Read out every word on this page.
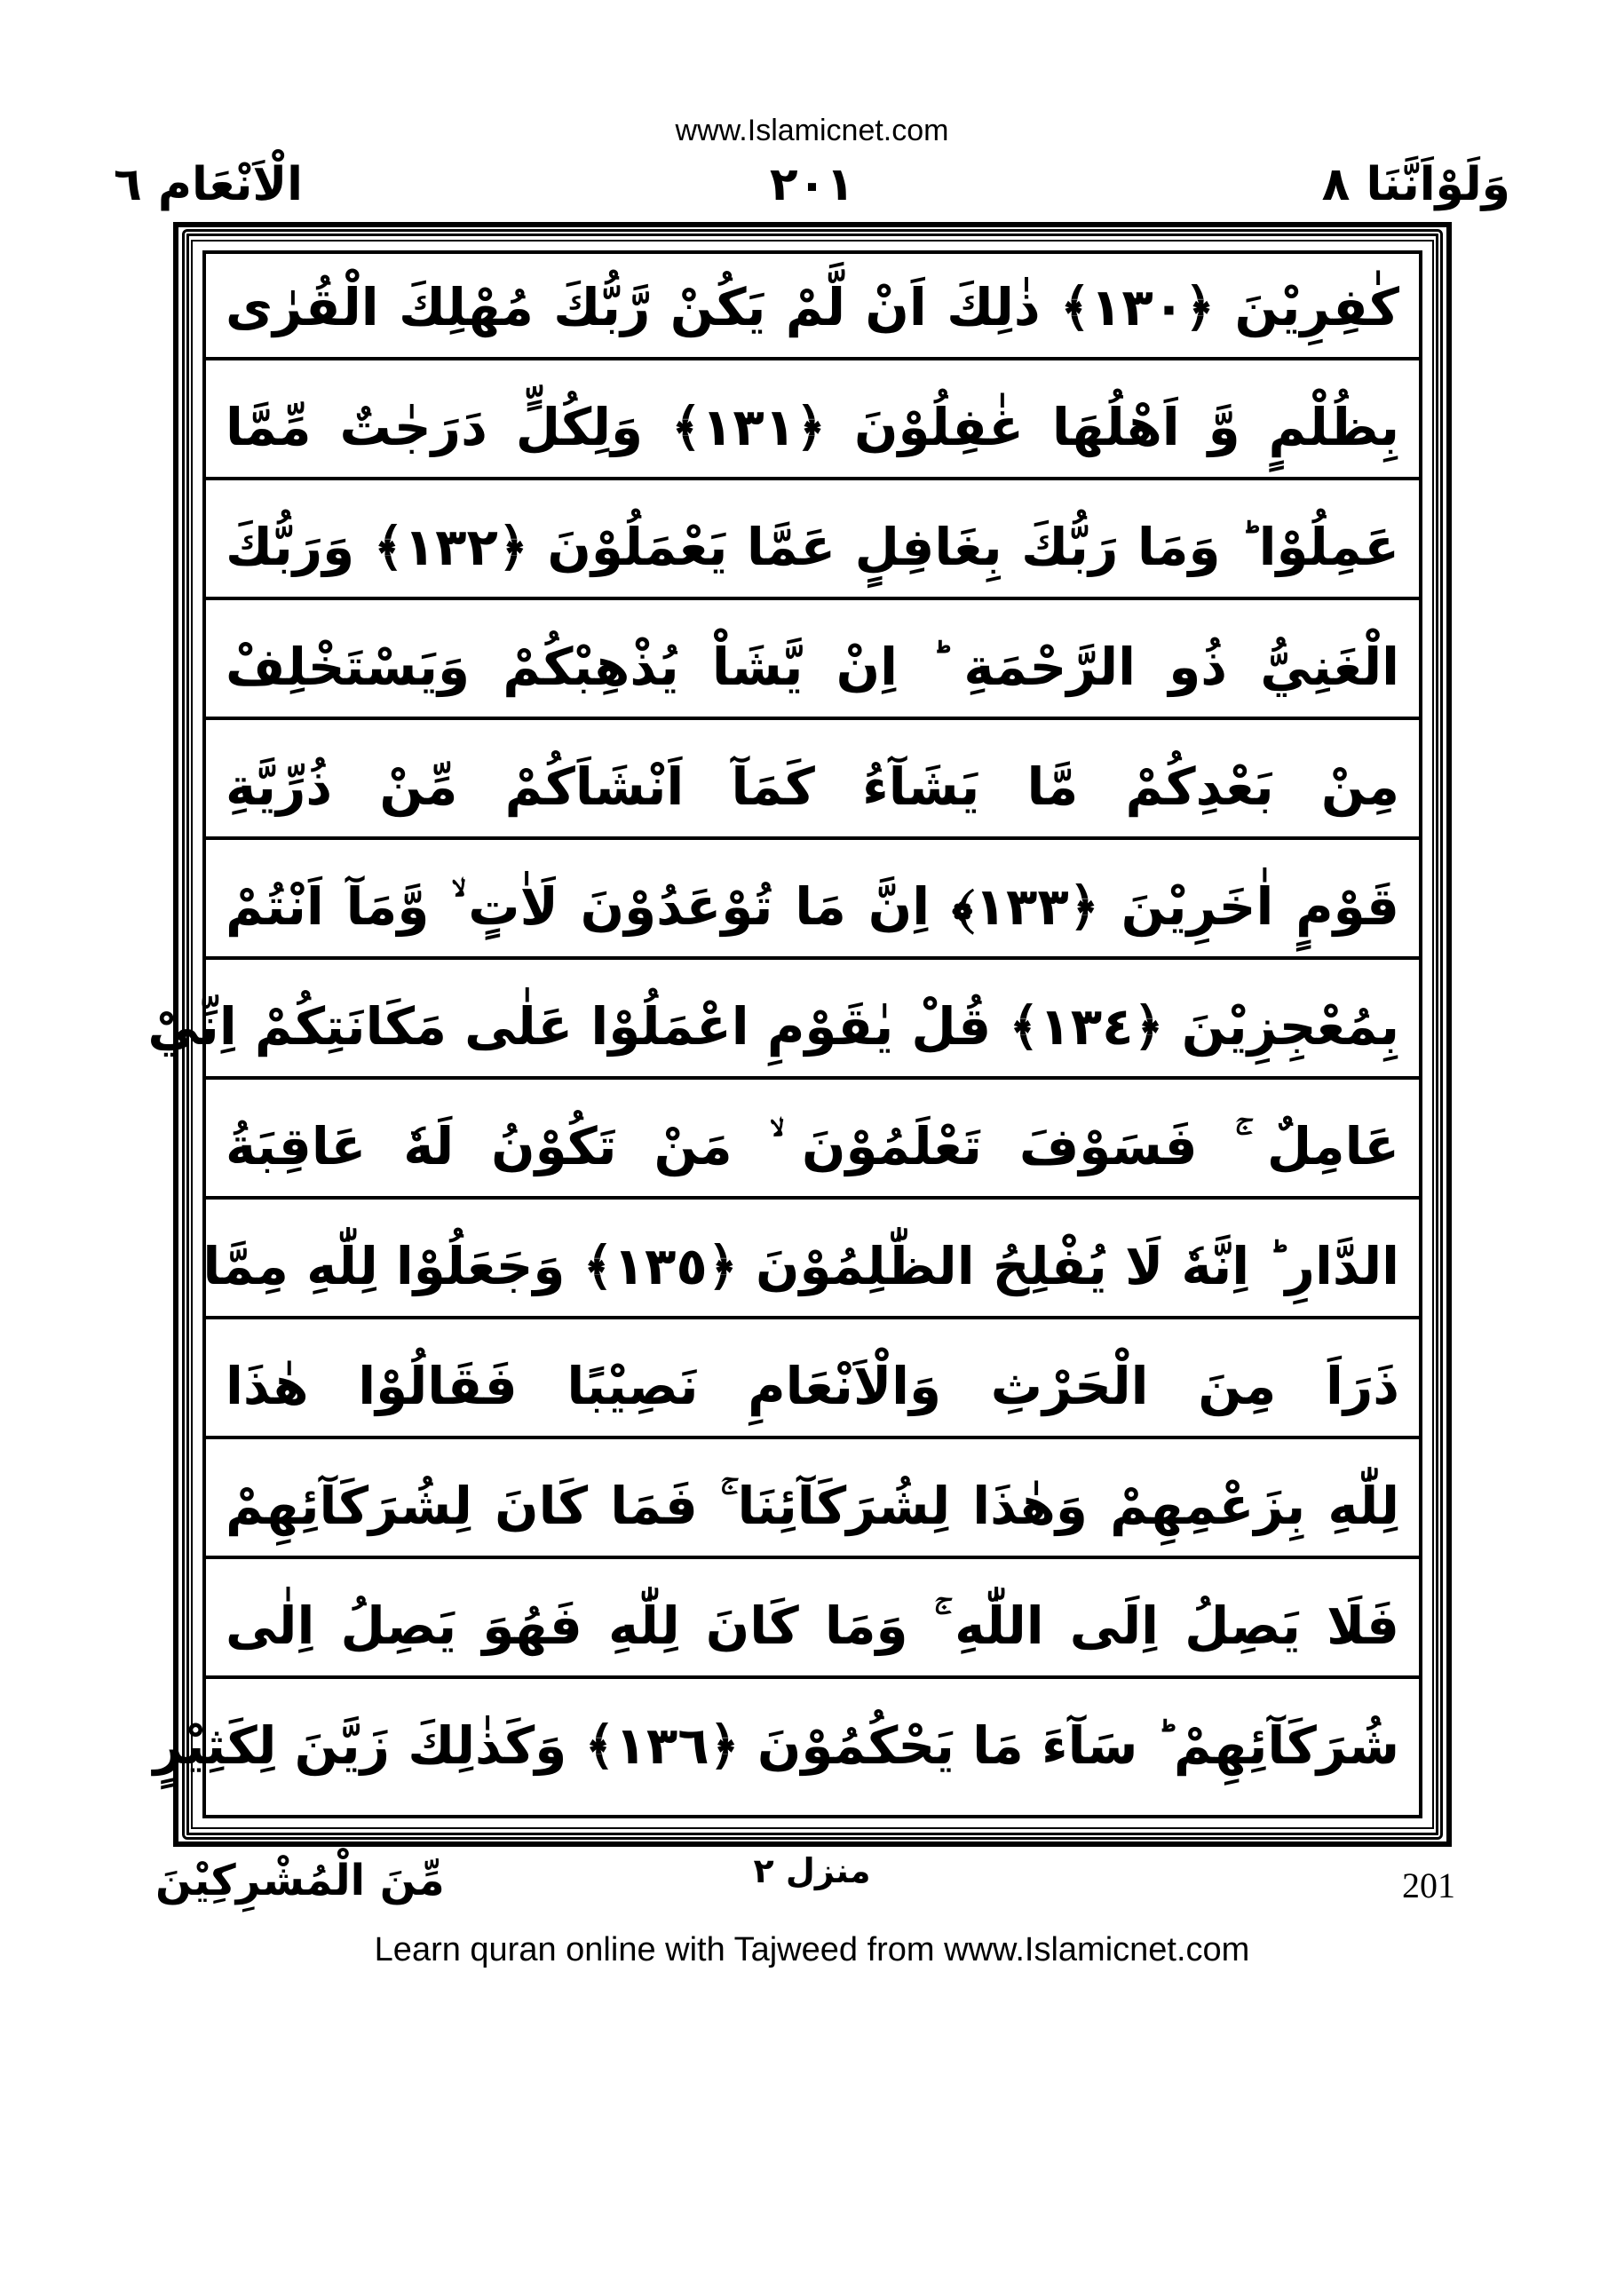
www.Islamicnet.com
وَلَوْاَنَّنَا ٨
٢٠١
الْاَنْعَام ٦
كٰفِرِيْنَ ﴿١٣٠﴾ ذٰلِكَ اَنْ لَّمْ يَكُنْ رَّبُّكَ مُهْلِكَ الْقُرٰى
بِظُلْمٍ وَّ اَهْلُهَا غٰفِلُوْنَ ﴿١٣١﴾ وَلِكُلٍّ دَرَجٰتٌ مِّمَّا
عَمِلُوْا ؕ وَمَا رَبُّكَ بِغَافِلٍ عَمَّا يَعْمَلُوْنَ ﴿١٣٢﴾ وَرَبُّكَ
الْغَنِيُّ ذُو الرَّحْمَةِ ؕ اِنْ يَّشَاْ يُذْهِبْكُمْ وَيَسْتَخْلِفْ
مِنْ بَعْدِكُمْ مَّا يَشَآءُ كَمَآ اَنْشَاَكُمْ مِّنْ ذُرِّيَّةِ
قَوْمٍ اٰخَرِيْنَ ﴿١٣٣﴾ اِنَّ مَا تُوْعَدُوْنَ لَاٰتٍ ۙ وَّمَآ اَنْتُمْ
بِمُعْجِزِيْنَ ﴿١٣٤﴾ قُلْ يٰقَوْمِ اعْمَلُوْا عَلٰى مَكَانَتِكُمْ اِنِّيْ
عَامِلٌ ۚ فَسَوْفَ تَعْلَمُوْنَ ۙ مَنْ تَكُوْنُ لَهٗ عَاقِبَةُ
الدَّارِ ؕ اِنَّهٗ لَا يُفْلِحُ الظّٰلِمُوْنَ ﴿١٣٥﴾ وَجَعَلُوْا لِلّٰهِ مِمَّا
ذَرَاَ مِنَ الْحَرْثِ وَالْاَنْعَامِ نَصِيْبًا فَقَالُوْا هٰذَا
لِلّٰهِ بِزَعْمِهِمْ وَهٰذَا لِشُرَكَآئِنَا ۚ فَمَا كَانَ لِشُرَكَآئِهِمْ
فَلَا يَصِلُ اِلَى اللّٰهِ ۚ وَمَا كَانَ لِلّٰهِ فَهُوَ يَصِلُ اِلٰى
شُرَكَآئِهِمْ ؕ سَآءَ مَا يَحْكُمُوْنَ ﴿١٣٦﴾ وَكَذٰلِكَ زَيَّنَ لِكَثِيْرٍ
مِّنَ الْمُشْرِكِيْنَ	منزل ٢	201
Learn quran online with Tajweed from www.Islamicnet.com
